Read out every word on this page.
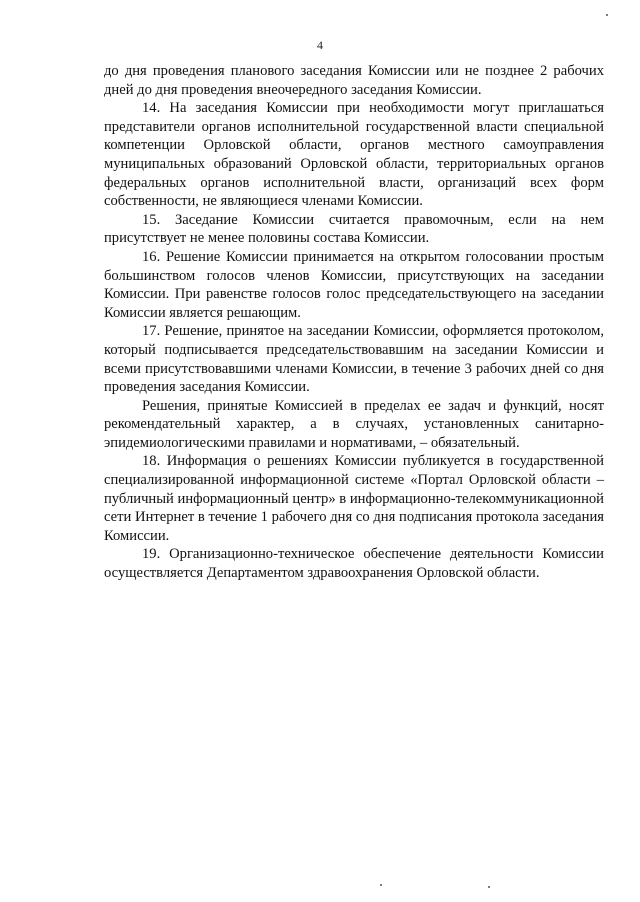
4

до дня проведения планового заседания Комиссии или не позднее 2 рабочих дней до дня проведения внеочередного заседания Комиссии.

14. На заседания Комиссии при необходимости могут приглашаться представители органов исполнительной государственной власти специальной компетенции Орловской области, органов местного самоуправления муниципальных образований Орловской области, территориальных органов федеральных органов исполнительной власти, организаций всех форм собственности, не являющиеся членами Комиссии.

15. Заседание Комиссии считается правомочным, если на нем присутствует не менее половины состава Комиссии.

16. Решение Комиссии принимается на открытом голосовании простым большинством голосов членов Комиссии, присутствующих на заседании Комиссии. При равенстве голосов голос председательствующего на заседании Комиссии является решающим.

17. Решение, принятое на заседании Комиссии, оформляется протоколом, который подписывается председательствовавшим на заседании Комиссии и всеми присутствовавшими членами Комиссии, в течение 3 рабочих дней со дня проведения заседания Комиссии.

Решения, принятые Комиссией в пределах ее задач и функций, носят рекомендательный характер, а в случаях, установленных санитарно-эпидемиологическими правилами и нормативами, – обязательный.

18. Информация о решениях Комиссии публикуется в государственной специализированной информационной системе «Портал Орловской области – публичный информационный центр» в информационно-телекоммуникационной сети Интернет в течение 1 рабочего дня со дня подписания протокола заседания Комиссии.

19. Организационно-техническое обеспечение деятельности Комиссии осуществляется Департаментом здравоохранения Орловской области.
